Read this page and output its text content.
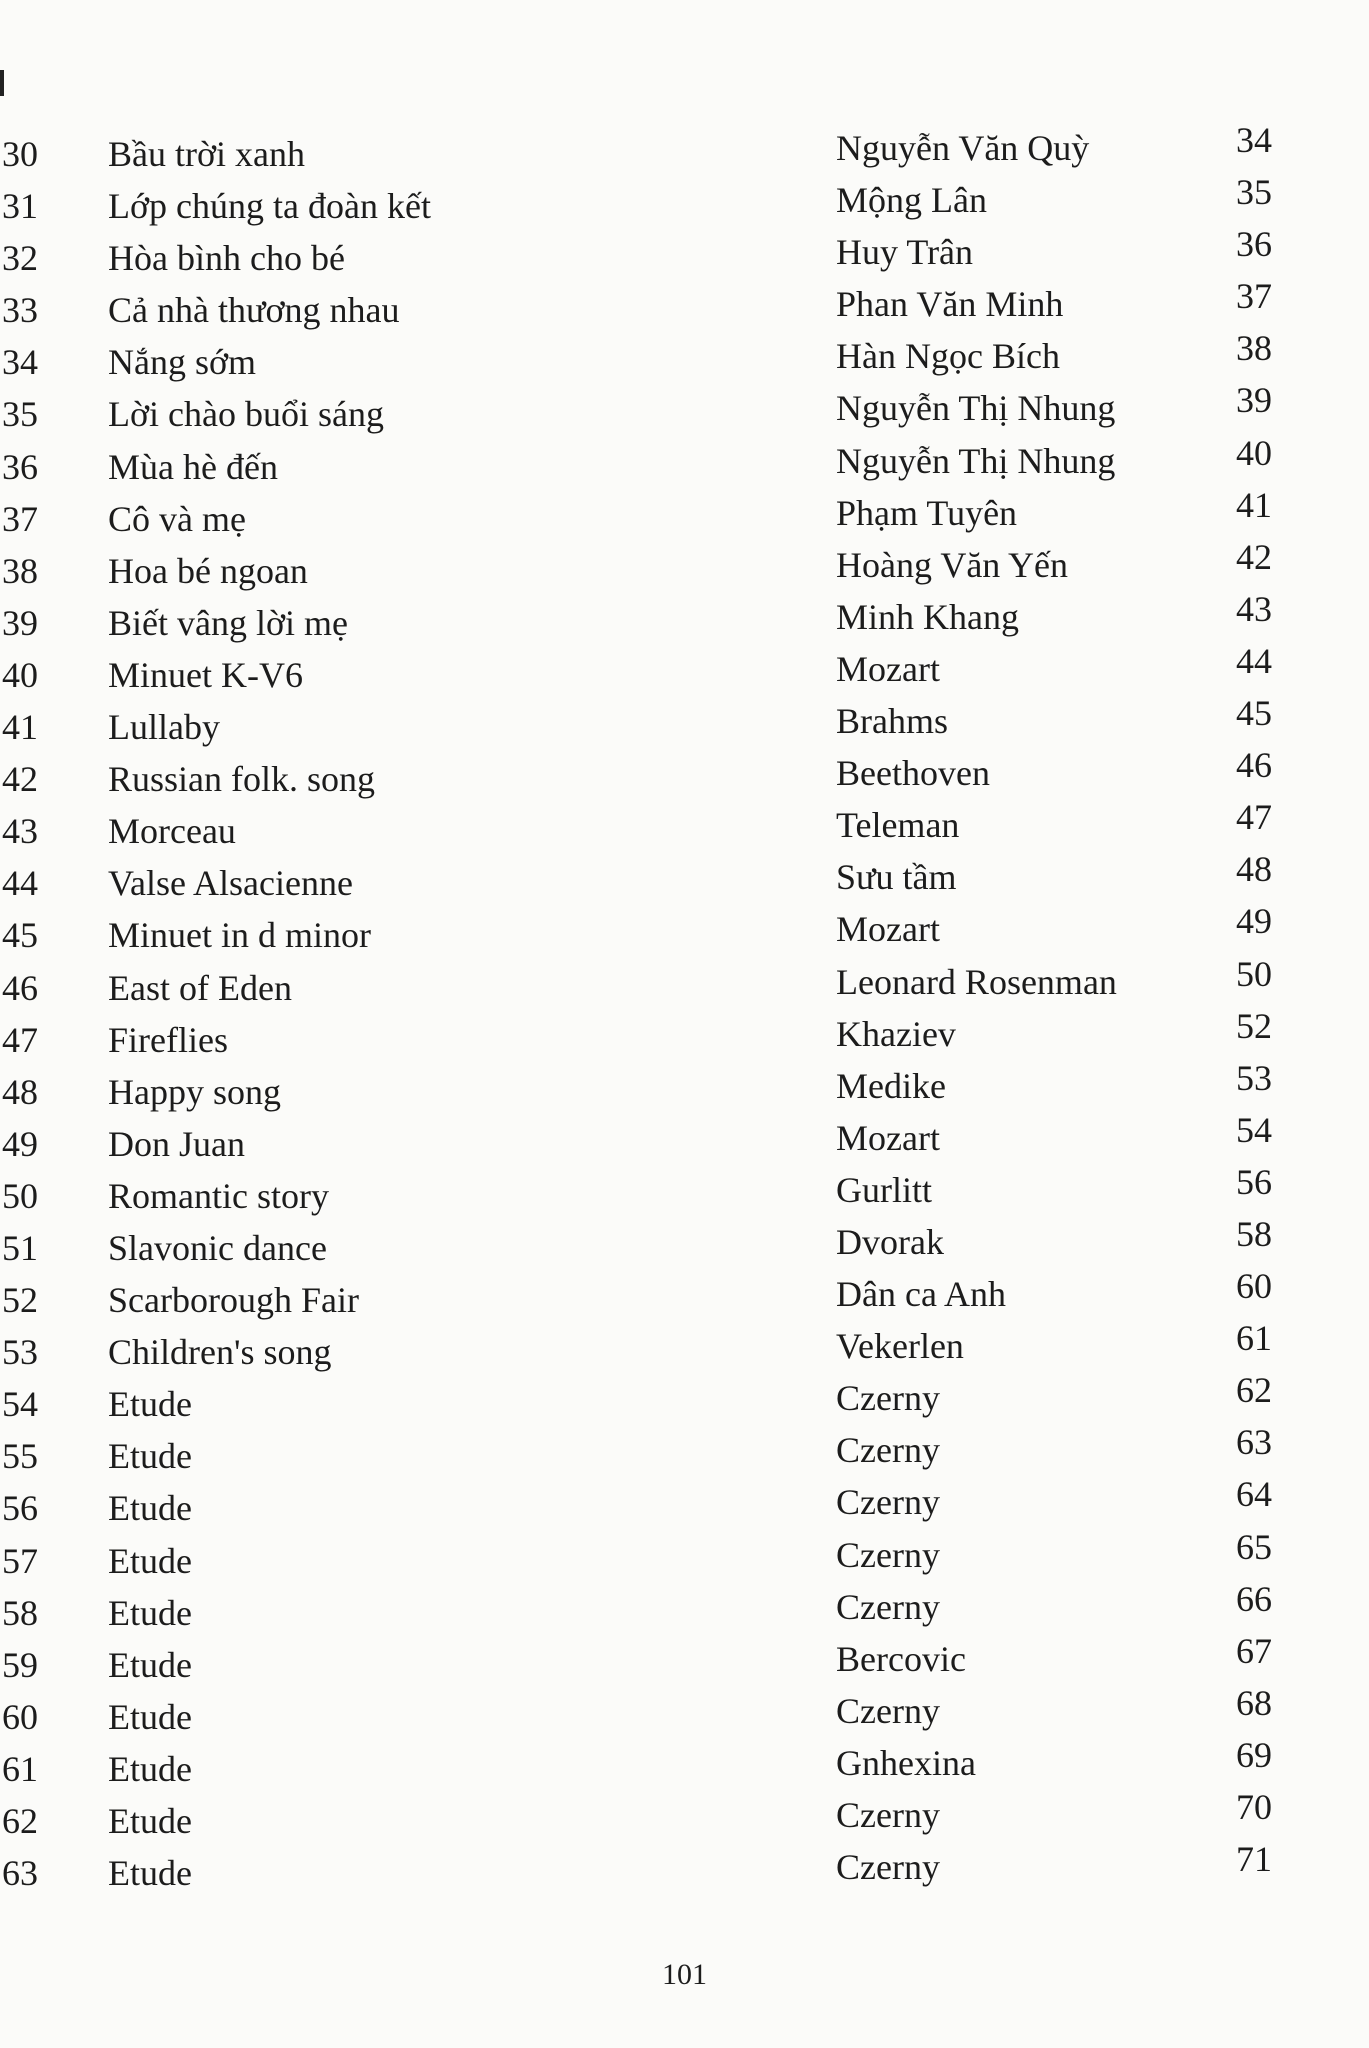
30	Bầu trời xanh	Nguyễn Văn Quỳ	34
31	Lớp chúng ta đoàn kết	Mộng Lân	35
32	Hòa bình cho bé	Huy Trân	36
33	Cả nhà thương nhau	Phan Văn Minh	37
34	Nắng sớm	Hàn Ngọc Bích	38
35	Lời chào buổi sáng	Nguyễn Thị Nhung	39
36	Mùa hè đến	Nguyễn Thị Nhung	40
37	Cô và mẹ	Phạm Tuyên	41
38	Hoa bé ngoan	Hoàng Văn Yến	42
39	Biết vâng lời mẹ	Minh Khang	43
40	Minuet K-V6	Mozart	44
41	Lullaby	Brahms	45
42	Russian folk. song	Beethoven	46
43	Morceau	Teleman	47
44	Valse Alsacienne	Sưu tầm	48
45	Minuet in d minor	Mozart	49
46	East of Eden	Leonard Rosenman	50
47	Fireflies	Khaziev	52
48	Happy song	Medike	53
49	Don Juan	Mozart	54
50	Romantic story	Gurlitt	56
51	Slavonic dance	Dvorak	58
52	Scarborough Fair	Dân ca Anh	60
53	Children's song	Vekerlen	61
54	Etude	Czerny	62
55	Etude	Czerny	63
56	Etude	Czerny	64
57	Etude	Czerny	65
58	Etude	Czerny	66
59	Etude	Bercovic	67
60	Etude	Czerny	68
61	Etude	Gnhexina	69
62	Etude	Czerny	70
63	Etude	Czerny	71
101
